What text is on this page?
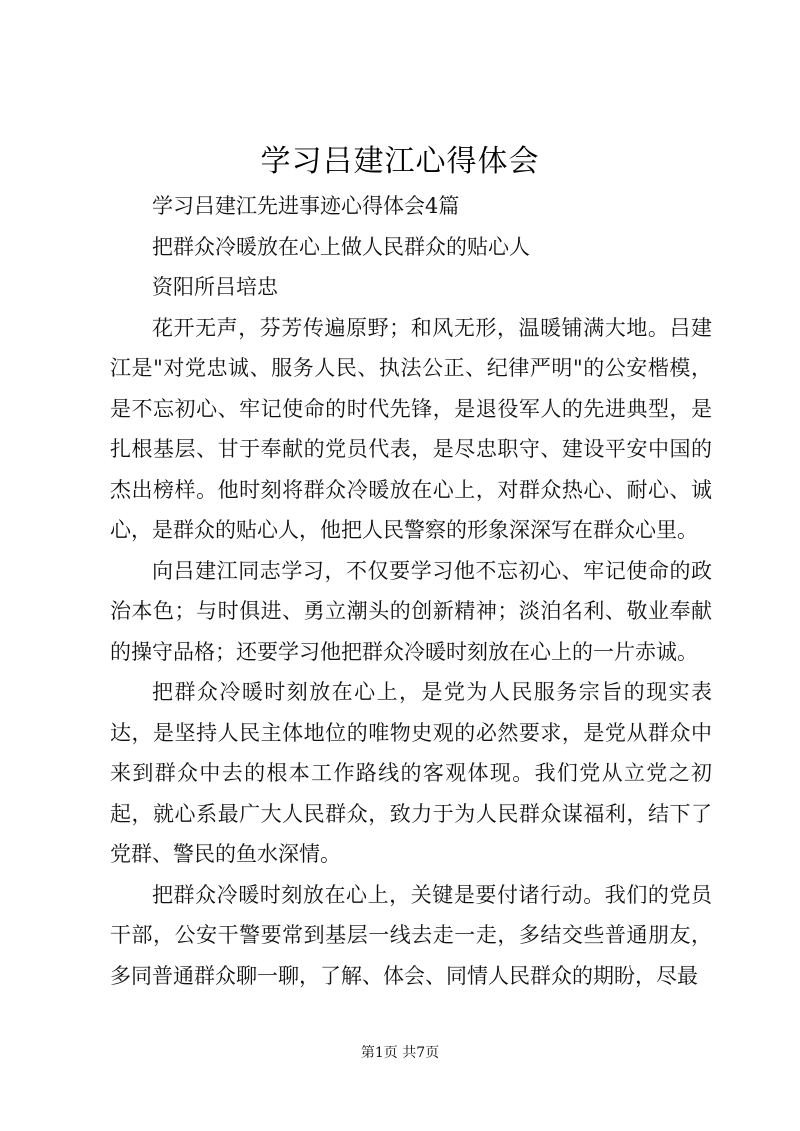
学习吕建江心得体会

学习吕建江先进事迹心得体会4篇

把群众冷暖放在心上做人民群众的贴心人

资阳所吕培忠

花开无声，芬芳传遍原野；和风无形，温暖铺满大地。吕建江是"对党忠诚、服务人民、执法公正、纪律严明"的公安楷模，是不忘初心、牢记使命的时代先锋，是退役军人的先进典型，是扎根基层、甘于奉献的党员代表，是尽忠职守、建设平安中国的杰出榜样。他时刻将群众冷暖放在心上，对群众热心、耐心、诚心，是群众的贴心人，他把人民警察的形象深深写在群众心里。

向吕建江同志学习，不仅要学习他不忘初心、牢记使命的政治本色；与时俱进、勇立潮头的创新精神；淡泊名利、敬业奉献的操守品格；还要学习他把群众冷暖时刻放在心上的一片赤诚。

把群众冷暖时刻放在心上，是党为人民服务宗旨的现实表达，是坚持人民主体地位的唯物史观的必然要求，是党从群众中来到群众中去的根本工作路线的客观体现。我们党从立党之初起，就心系最广大人民群众，致力于为人民群众谋福利，结下了党群、警民的鱼水深情。

把群众冷暖时刻放在心上，关键是要付诸行动。我们的党员干部，公安干警要常到基层一线去走一走，多结交些普通朋友，多同普通群众聊一聊，了解、体会、同情人民群众的期盼，尽最

第1页 共7页
